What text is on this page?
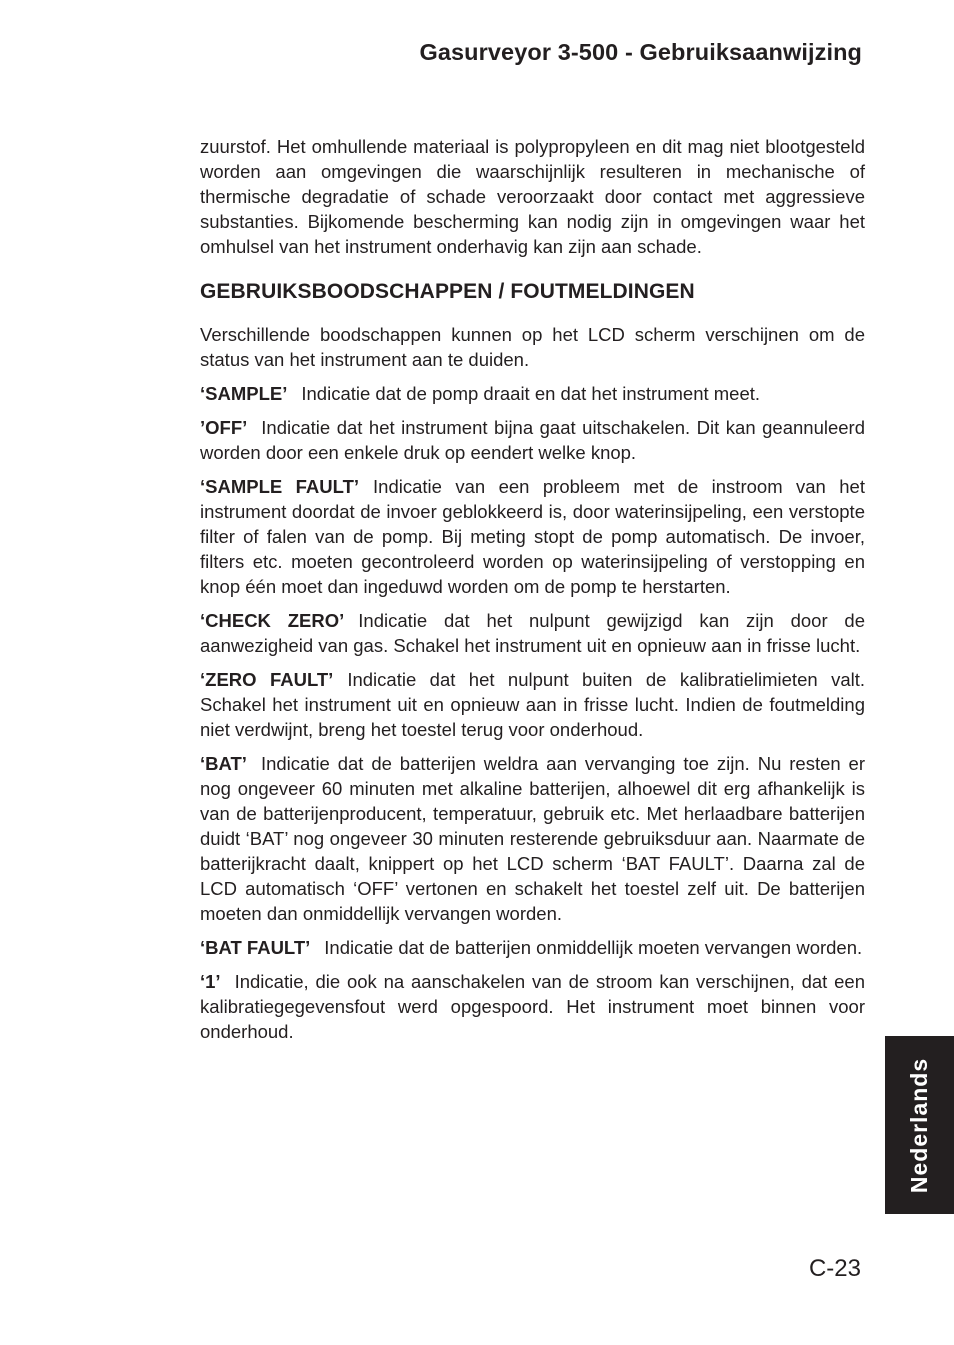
Gasurveyor 3-500 - Gebruiksaanwijzing

zuurstof. Het omhullende materiaal is polypropyleen en dit mag niet blootgesteld worden aan omgevingen die waarschijnlijk resulteren in mechanische of thermische degradatie of schade veroorzaakt door contact met aggressieve substanties. Bijkomende bescherming kan nodig zijn in omgevingen waar het omhulsel van het instrument onderhavig kan zijn aan schade.

GEBRUIKSBOODSCHAPPEN / FOUTMELDINGEN

Verschillende boodschappen kunnen op het LCD scherm verschijnen om de status van het instrument aan te duiden.

‘SAMPLE’ Indicatie dat de pomp draait en dat het instrument meet.

’OFF’ Indicatie dat het instrument bijna gaat uitschakelen. Dit kan geannuleerd worden door een enkele druk op eendert welke knop.

‘SAMPLE FAULT’ Indicatie van een probleem met de instroom van het instrument doordat de invoer geblokkeerd is, door waterinsijpeling, een verstopte filter of falen van de pomp. Bij meting stopt de pomp automatisch. De invoer, filters etc. moeten gecontroleerd worden op waterinsijpeling of verstopping en knop één moet dan ingeduwd worden om de pomp te herstarten.

‘CHECK ZERO’ Indicatie dat het nulpunt gewijzigd kan zijn door de aanwezigheid van gas. Schakel het instrument uit en opnieuw aan in frisse lucht.

‘ZERO FAULT’ Indicatie dat het nulpunt buiten de kalibratielimieten valt. Schakel het instrument uit en opnieuw aan in frisse lucht. Indien de foutmelding niet verdwijnt, breng het toestel terug voor onderhoud.

‘BAT’ Indicatie dat de batterijen weldra aan vervanging toe zijn. Nu resten er nog ongeveer 60 minuten met alkaline batterijen, alhoewel dit erg afhankelijk is van de batterijenproducent, temperatuur, gebruik etc. Met herlaadbare batterijen duidt ‘BAT’ nog ongeveer 30 minuten resterende gebruiksduur aan. Naarmate de batterijkracht daalt, knippert op het LCD scherm ‘BAT FAULT’. Daarna zal de LCD automatisch ‘OFF’ vertonen en schakelt het toestel zelf uit. De batterijen moeten dan onmiddellijk vervangen worden.

‘BAT FAULT’ Indicatie dat de batterijen onmiddellijk moeten vervangen worden.

‘1’ Indicatie, die ook na aanschakelen van de stroom kan verschijnen, dat een kalibratiegegevensfout werd opgespoord. Het instrument moet binnen voor onderhoud.

Nederlands
C-23
